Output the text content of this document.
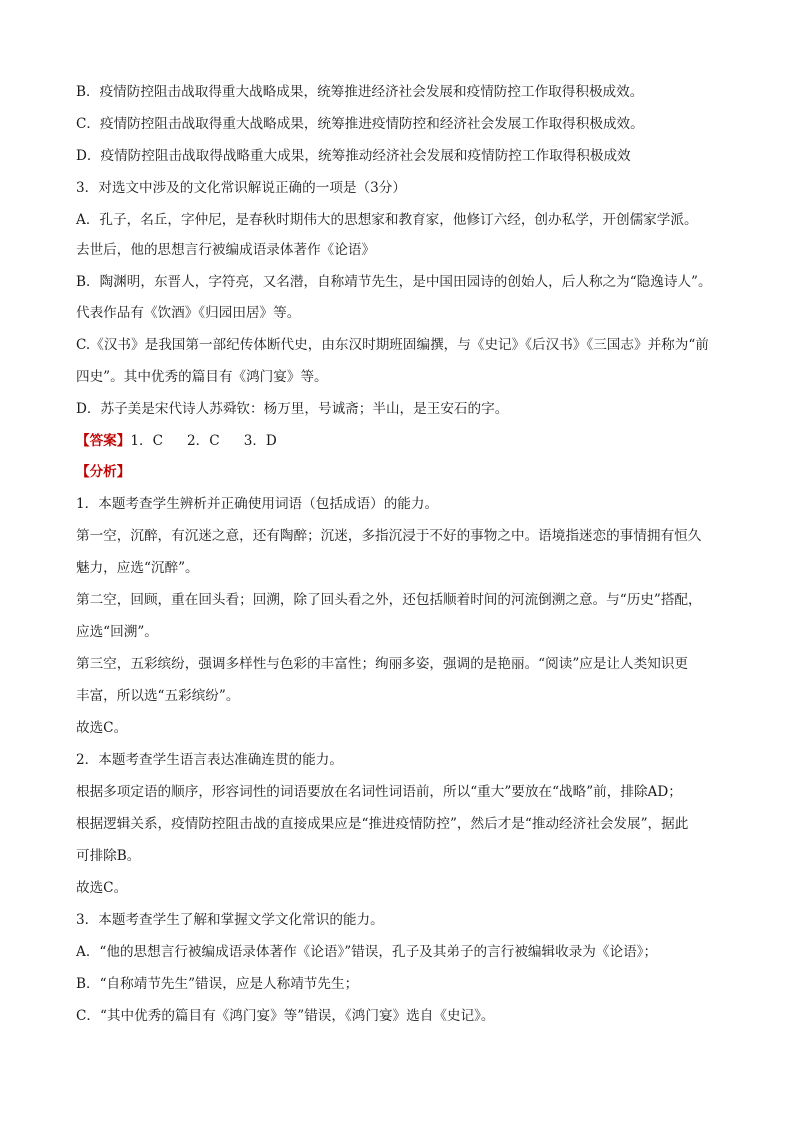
B．疫情防控阻击战取得重大战略成果，统筹推进经济社会发展和疫情防控工作取得积极成效。
C．疫情防控阻击战取得重大战略成果，统筹推进疫情防控和经济社会发展工作取得积极成效。
D．疫情防控阻击战取得战略重大成果，统筹推动经济社会发展和疫情防控工作取得积极成效
3．对选文中涉及的文化常识解说正确的一项是（3分）
A．孔子，名丘，字仲尼，是春秋时期伟大的思想家和教育家，他修订六经，创办私学，开创儒家学派。
去世后，他的思想言行被编成语录体著作《论语》
B．陶渊明，东晋人，字符亮，又名潜，自称靖节先生，是中国田园诗的创始人，后人称之为“隐逸诗人”。
代表作品有《饮酒》《归园田居》等。
C.《汉书》是我国第一部纪传体断代史，由东汉时期班固编撰，与《史记》《后汉书》《三国志》并称为“前
四史”。其中优秀的篇目有《鸿门宴》等。
D．苏子美是宋代诗人苏舜钦：杨万里，号诚斋；半山，是王安石的字。
【答案】1．C 2．C 3．D
【分析】
1．本题考查学生辨析并正确使用词语（包括成语）的能力。
第一空，沉醉，有沉迷之意，还有陶醉；沉迷，多指沉浸于不好的事物之中。语境指迷恋的事情拥有恒久
魅力，应选“沉醉”。
第二空，回顾，重在回头看；回溯，除了回头看之外，还包括顺着时间的河流倒溯之意。与“历史”搭配，
应选“回溯”。
第三空，五彩缤纷，强调多样性与色彩的丰富性；绚丽多姿，强调的是艳丽。“阅读”应是让人类知识更
丰富，所以选“五彩缤纷”。
故选C。
2．本题考查学生语言表达准确连贯的能力。
根据多项定语的顺序，形容词性的词语要放在名词性词语前，所以“重大”要放在“战略”前，排除AD；
根据逻辑关系，疫情防控阻击战的直接成果应是“推进疫情防控”，然后才是“推动经济社会发展”，据此
可排除B。
故选C。
3．本题考查学生了解和掌握文学文化常识的能力。
A．“他的思想言行被编成语录体著作《论语》”错误，孔子及其弟子的言行被编辑收录为《论语》；
B．“自称靖节先生”错误，应是人称靖节先生；
C．“其中优秀的篇目有《鸿门宴》等”错误，《鸿门宴》选自《史记》。
